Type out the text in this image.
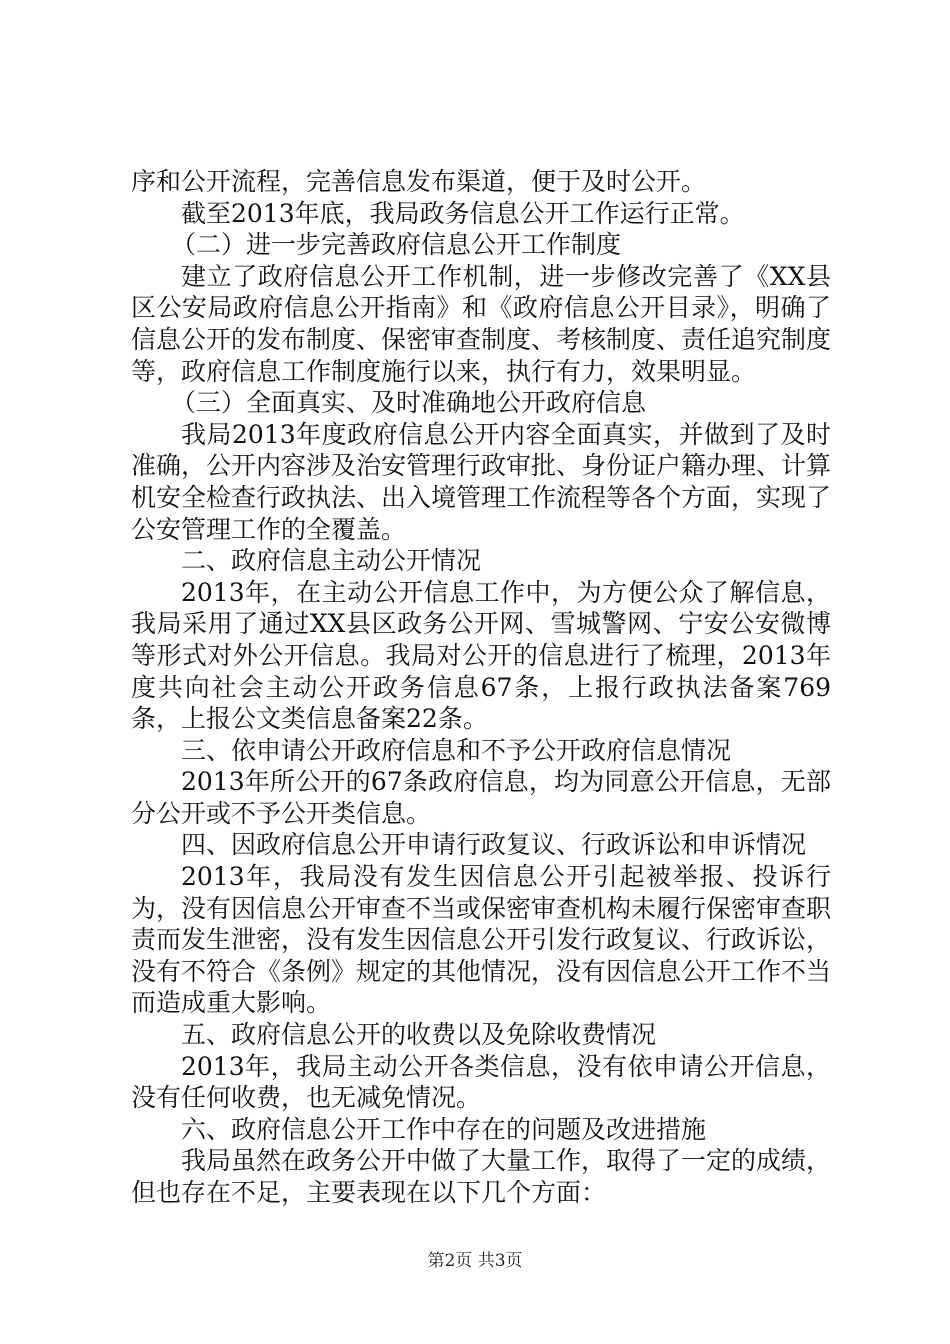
序和公开流程，完善信息发布渠道，便于及时公开。

截至2013年底，我局政务信息公开工作运行正常。

（二）进一步完善政府信息公开工作制度

建立了政府信息公开工作机制，进一步修改完善了《XX县区公安局政府信息公开指南》和《政府信息公开目录》，明确了信息公开的发布制度、保密审查制度、考核制度、责任追究制度等，政府信息工作制度施行以来，执行有力，效果明显。

（三）全面真实、及时准确地公开政府信息

我局2013年度政府信息公开内容全面真实，并做到了及时准确，公开内容涉及治安管理行政审批、身份证户籍办理、计算机安全检查行政执法、出入境管理工作流程等各个方面，实现了公安管理工作的全覆盖。

二、政府信息主动公开情况

2013年，在主动公开信息工作中，为方便公众了解信息，我局采用了通过XX县区政务公开网、雪城警网、宁安公安微博等形式对外公开信息。我局对公开的信息进行了梳理，2013年度共向社会主动公开政务信息67条，上报行政执法备案769条，上报公文类信息备案22条。

三、依申请公开政府信息和不予公开政府信息情况

2013年所公开的67条政府信息，均为同意公开信息，无部分公开或不予公开类信息。

四、因政府信息公开申请行政复议、行政诉讼和申诉情况

2013年，我局没有发生因信息公开引起被举报、投诉行为，没有因信息公开审查不当或保密审查机构未履行保密审查职责而发生泄密，没有发生因信息公开引发行政复议、行政诉讼，没有不符合《条例》规定的其他情况，没有因信息公开工作不当而造成重大影响。

五、政府信息公开的收费以及免除收费情况

2013年，我局主动公开各类信息，没有依申请公开信息，没有任何收费，也无减免情况。

六、政府信息公开工作中存在的问题及改进措施

我局虽然在政务公开中做了大量工作，取得了一定的成绩，但也存在不足，主要表现在以下几个方面：

第2页 共3页
